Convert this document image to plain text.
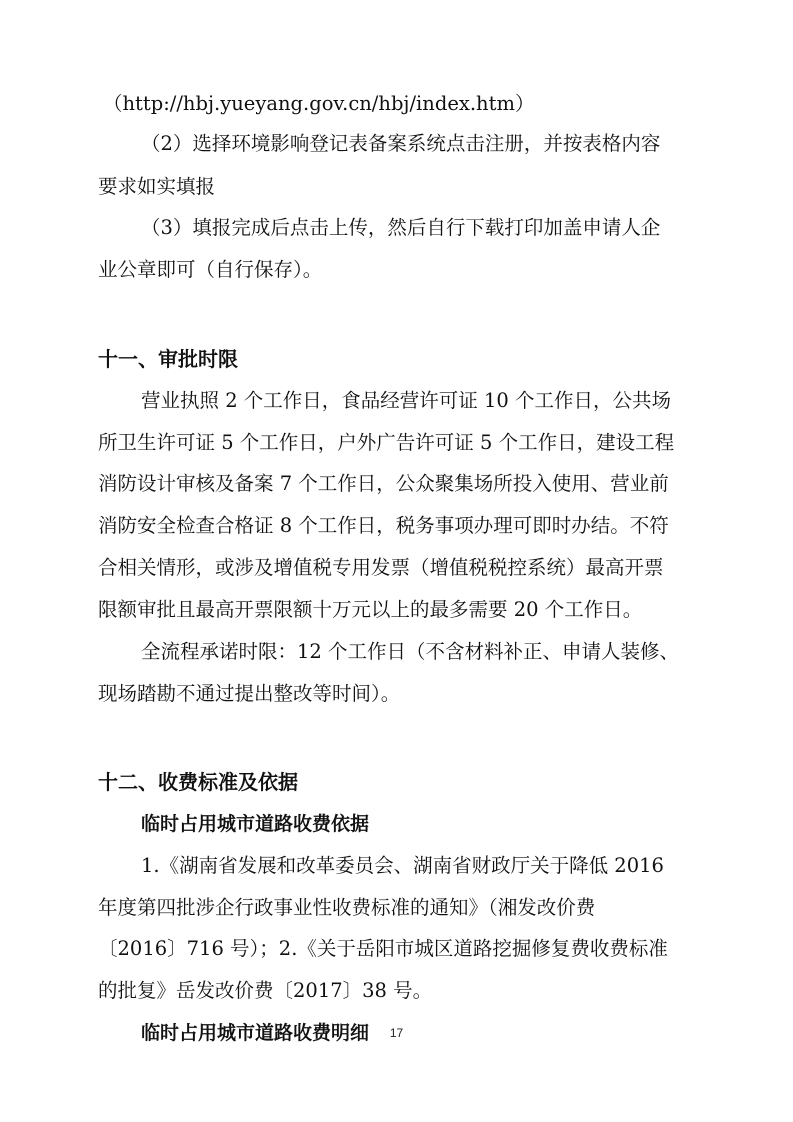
（http://hbj.yueyang.gov.cn/hbj/index.htm）
（2）选择环境影响登记表备案系统点击注册，并按表格内容
要求如实填报
（3）填报完成后点击上传，然后自行下载打印加盖申请人企
业公章即可（自行保存）。
十一、审批时限
营业执照 2 个工作日，食品经营许可证 10 个工作日，公共场
所卫生许可证 5 个工作日，户外广告许可证 5 个工作日，建设工程
消防设计审核及备案 7 个工作日，公众聚集场所投入使用、营业前
消防安全检查合格证 8 个工作日，税务事项办理可即时办结。不符
合相关情形，或涉及增值税专用发票（增值税税控系统）最高开票
限额审批且最高开票限额十万元以上的最多需要 20 个工作日。
全流程承诺时限：12 个工作日（不含材料补正、申请人装修、
现场踏勘不通过提出整改等时间）。
十二、收费标准及依据
临时占用城市道路收费依据
1.《湖南省发展和改革委员会、湖南省财政厅关于降低 2016
年度第四批涉企行政事业性收费标准的通知》（湘发改价费
〔2016〕716 号）；2.《关于岳阳市城区道路挖掘修复费收费标准
的批复》岳发改价费〔2017〕38 号。
临时占用城市道路收费明细	17
